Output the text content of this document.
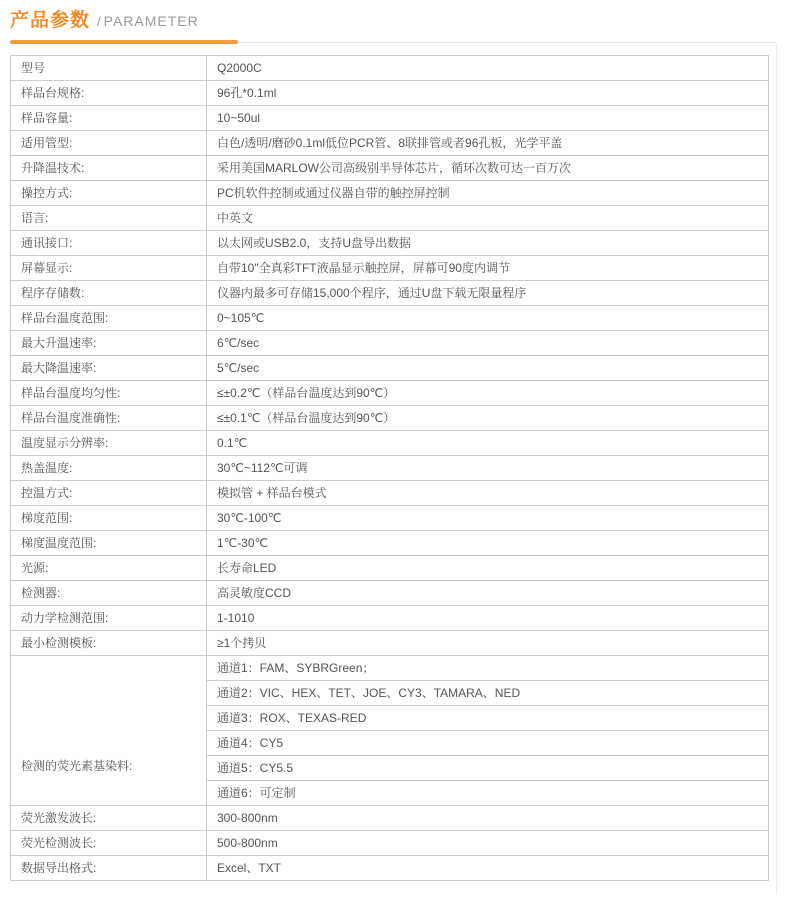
产品参数 / PARAMETER
型号	Q2000C
样品台规格:	96孔*0.1ml
样品容量:	10~50ul
适用管型:	白色/透明/磨砂0.1ml低位PCR管、8联排管或者96孔板，光学平盖
升降温技术:	采用美国MARLOW公司高级别半导体芯片，循环次数可达一百万次
操控方式:	PC机软件控制或通过仪器自带的触控屏控制
语言:	中英文
通讯接口:	以太网或USB2.0，支持U盘导出数据
屏幕显示:	自带10"全真彩TFT液晶显示触控屏，屏幕可90度内调节
程序存储数:	仪器内最多可存储15,000个程序，通过U盘下载无限量程序
样品台温度范围:	0~105℃
最大升温速率:	6℃/sec
最大降温速率:	5℃/sec
样品台温度均匀性:	≤±0.2℃（样品台温度达到90℃）
样品台温度准确性:	≤±0.1℃（样品台温度达到90℃）
温度显示分辨率:	0.1℃
热盖温度:	30℃~112℃可调
控温方式:	模拟管 + 样品台模式
梯度范围:	30℃-100℃
梯度温度范围:	1℃-30℃
光源:	长寿命LED
检测器:	高灵敏度CCD
动力学检测范围:	1-1010
最小检测模板:	≥1个拷贝
检测的荧光素基染料:	通道1：FAM、SYBRGreen；
	通道2：VIC、HEX、TET、JOE、CY3、TAMARA、NED
	通道3：ROX、TEXAS-RED
	通道4：CY5
	通道5：CY5.5
	通道6：可定制
荧光激发波长:	300-800nm
荧光检测波长:	500-800nm
数据导出格式:	Excel、TXT
